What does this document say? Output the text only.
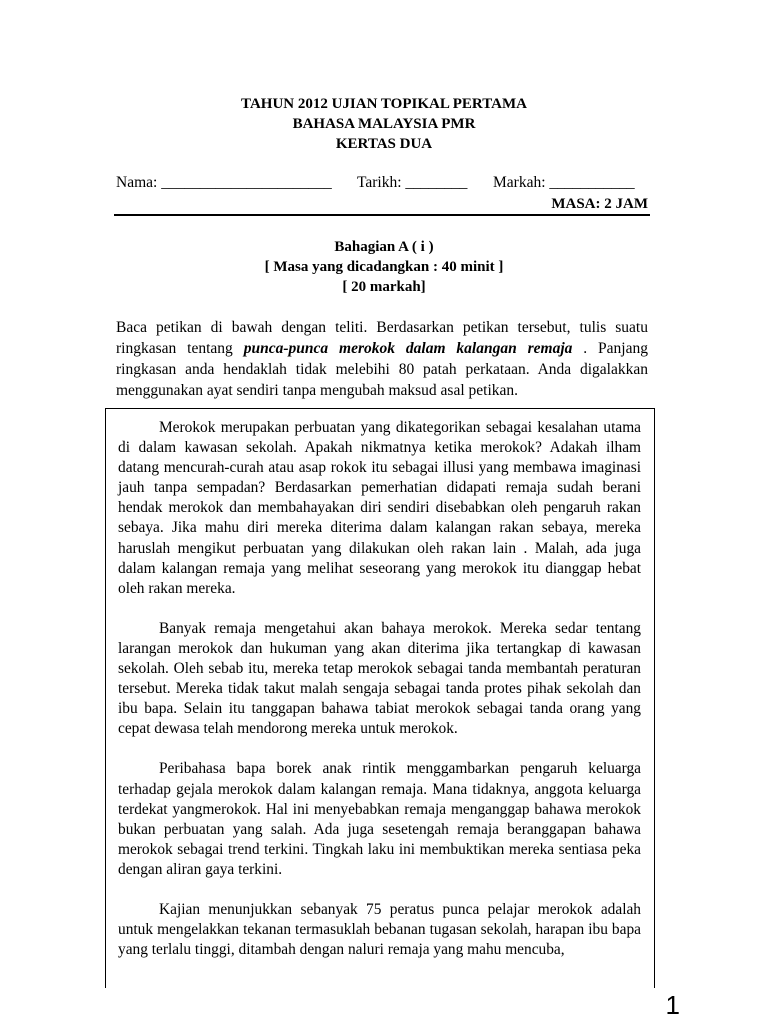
TAHUN 2012 UJIAN TOPIKAL PERTAMA
BAHASA MALAYSIA PMR
KERTAS DUA
Nama: ______________________ Tarikh: ________ Markah: ___________
MASA: 2 JAM
Bahagian A ( i )
[ Masa yang dicadangkan : 40 minit ]
[ 20 markah]
Baca petikan di bawah dengan teliti. Berdasarkan petikan tersebut, tulis suatu ringkasan tentang punca-punca merokok dalam kalangan remaja . Panjang ringkasan anda hendaklah tidak melebihi 80 patah perkataan. Anda digalakkan menggunakan ayat sendiri tanpa mengubah maksud asal petikan.

Merokok merupakan perbuatan yang dikategorikan sebagai kesalahan utama di dalam kawasan sekolah. Apakah nikmatnya ketika merokok? Adakah ilham datang mencurah-curah atau asap rokok itu sebagai illusi yang membawa imaginasi jauh tanpa sempadan? Berdasarkan pemerhatian didapati remaja sudah berani hendak merokok dan membahayakan diri sendiri disebabkan oleh pengaruh rakan sebaya. Jika mahu diri mereka diterima dalam kalangan rakan sebaya, mereka haruslah mengikut perbuatan yang dilakukan oleh rakan lain . Malah, ada juga dalam kalangan remaja yang melihat seseorang yang merokok itu dianggap hebat oleh rakan mereka.

Banyak remaja mengetahui akan bahaya merokok. Mereka sedar tentang larangan merokok dan hukuman yang akan diterima jika tertangkap di kawasan sekolah. Oleh sebab itu, mereka tetap merokok sebagai tanda membantah peraturan tersebut. Mereka tidak takut malah sengaja sebagai tanda protes pihak sekolah dan ibu bapa. Selain itu tanggapan bahawa tabiat merokok sebagai tanda orang yang cepat dewasa telah mendorong mereka untuk merokok.

Peribahasa bapa borek anak rintik menggambarkan pengaruh keluarga terhadap gejala merokok dalam kalangan remaja. Mana tidaknya, anggota keluarga terdekat yangmerokok. Hal ini menyebabkan remaja menganggap bahawa merokok bukan perbuatan yang salah. Ada juga sesetengah remaja beranggapan bahawa merokok sebagai trend terkini. Tingkah laku ini membuktikan mereka sentiasa peka dengan aliran gaya terkini.

Kajian menunjukkan sebanyak 75 peratus punca pelajar merokok adalah untuk mengelakkan tekanan termasuklah bebanan tugasan sekolah, harapan ibu bapa yang terlalu tinggi, ditambah dengan naluri remaja yang mahu mencuba,

1
